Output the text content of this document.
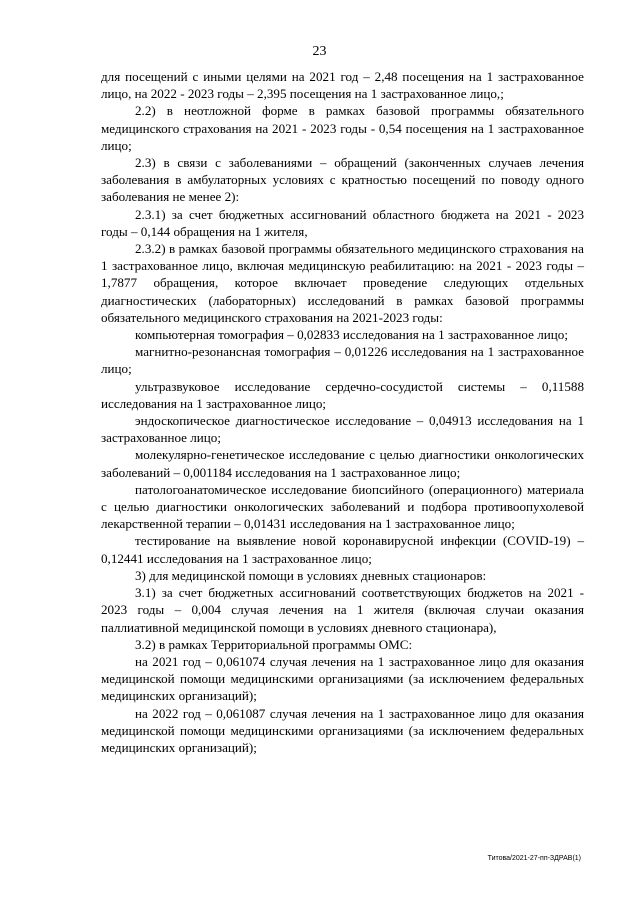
23

для посещений с иными целями на 2021 год – 2,48 посещения на 1 застрахованное лицо, на 2022 - 2023 годы – 2,395 посещения на 1 застрахованное лицо,;

2.2) в неотложной форме в рамках базовой программы обязательного медицинского страхования на 2021 - 2023 годы - 0,54 посещения на 1 застрахованное лицо;

2.3) в связи с заболеваниями – обращений (законченных случаев лечения заболевания в амбулаторных условиях с кратностью посещений по поводу одного заболевания не менее 2):

2.3.1) за счет бюджетных ассигнований областного бюджета на 2021 - 2023 годы – 0,144 обращения на 1 жителя,

2.3.2) в рамках базовой программы обязательного медицинского страхования на 1 застрахованное лицо, включая медицинскую реабилитацию: на 2021 - 2023 годы – 1,7877 обращения, которое включает проведение следующих отдельных диагностических (лабораторных) исследований в рамках базовой программы обязательного медицинского страхования на 2021-2023 годы:

компьютерная томография – 0,02833 исследования на 1 застрахованное лицо;

магнитно-резонансная томография – 0,01226 исследования на 1 застрахованное лицо;

ультразвуковое исследование сердечно-сосудистой системы – 0,11588 исследования на 1 застрахованное лицо;

эндоскопическое диагностическое исследование – 0,04913 исследования на 1 застрахованное лицо;

молекулярно-генетическое исследование с целью диагностики онкологических заболеваний – 0,001184 исследования на 1 застрахованное лицо;

патологоанатомическое исследование биопсийного (операционного) материала с целью диагностики онкологических заболеваний и подбора противоопухолевой лекарственной терапии – 0,01431 исследования на 1 застрахованное лицо;

тестирование на выявление новой коронавирусной инфекции (COVID-19) – 0,12441 исследования на 1 застрахованное лицо;

3) для медицинской помощи в условиях дневных стационаров:

3.1) за счет бюджетных ассигнований соответствующих бюджетов на 2021 - 2023 годы – 0,004 случая лечения на 1 жителя (включая случаи оказания паллиативной медицинской помощи в условиях дневного стационара),

3.2) в рамках Территориальной программы ОМС:

на 2021 год – 0,061074 случая лечения на 1 застрахованное лицо для оказания медицинской помощи медицинскими организациями (за исключением федеральных медицинских организаций);

на 2022 год – 0,061087 случая лечения на 1 застрахованное лицо для оказания медицинской помощи медицинскими организациями (за исключением федеральных медицинских организаций);

Титова/2021-27-пп-ЗДРАВ(1)
